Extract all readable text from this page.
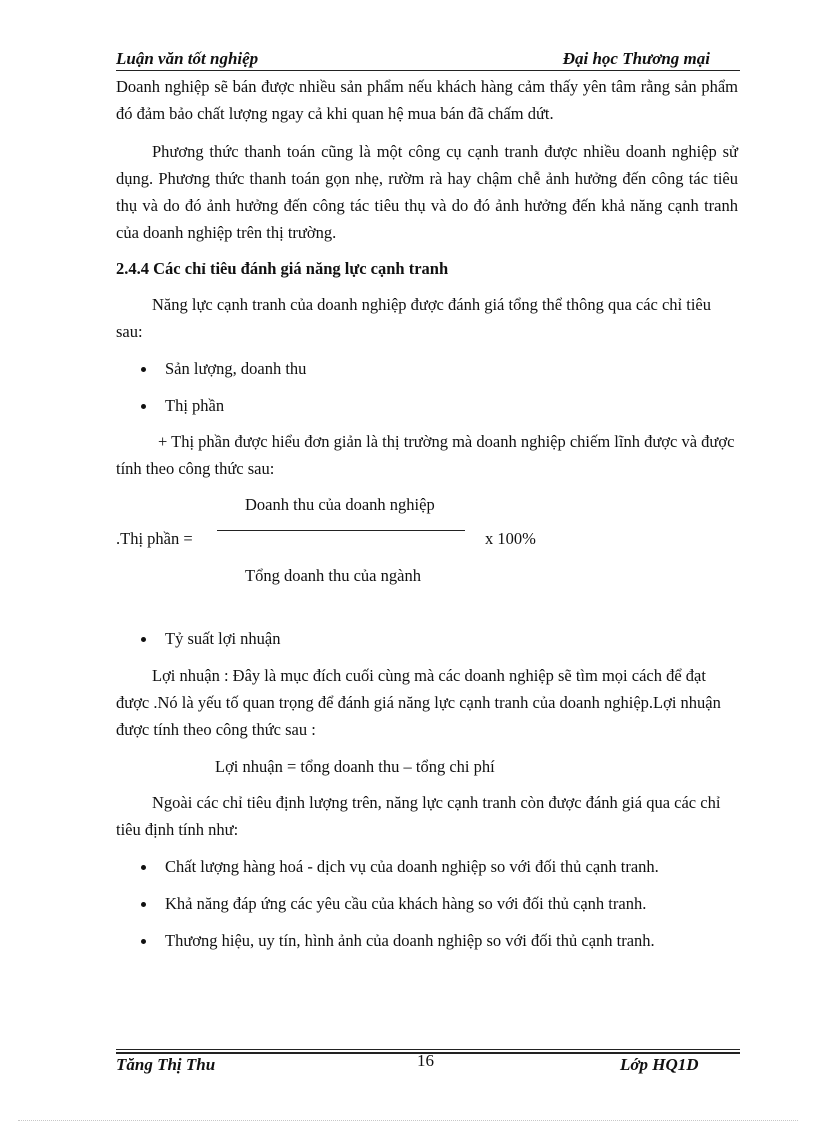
Luận văn tốt nghiệp	Đại học Thương mại

Doanh nghiệp sẽ bán được nhiều sản phẩm nếu khách hàng cảm thấy yên tâm rằng sản phẩm đó đảm bảo chất lượng ngay cả khi quan hệ mua bán đã chấm dứt.

Phương thức thanh toán cũng là một công cụ cạnh tranh được nhiều doanh nghiệp sử dụng. Phương thức thanh toán gọn nhẹ, rườm rà hay chậm chễ ảnh hưởng đến công tác tiêu thụ và do đó ảnh hưởng đến công tác tiêu thụ và do đó ảnh hưởng đến khả năng cạnh tranh của doanh nghiệp trên thị trường.

2.4.4 Các chỉ tiêu đánh giá năng lực cạnh tranh

Năng lực cạnh tranh của doanh nghiệp được đánh giá tổng thể thông qua các chỉ tiêu sau:

Sản lượng, doanh thu
Thị phần

+ Thị phần được hiểu đơn giản là thị trường mà doanh nghiệp chiếm lĩnh được và được tính theo công thức sau:

Doanh thu của doanh nghiệp
.Thị phần =	x 100%
Tổng doanh thu của ngành
Tỷ suất lợi nhuận

Lợi nhuận : Đây là mục đích cuối cùng mà các doanh nghiệp sẽ tìm mọi cách để đạt được .Nó là yếu tố quan trọng để đánh giá năng lực cạnh tranh của doanh nghiệp.Lợi nhuận được tính theo công thức sau :

Lợi nhuận = tổng doanh thu – tổng chi phí

Ngoài các chỉ tiêu định lượng trên, năng lực cạnh tranh còn được đánh giá qua các chỉ tiêu định tính như:

Chất lượng hàng hoá - dịch vụ của doanh nghiệp so với đối thủ cạnh tranh.
Khả năng đáp ứng các yêu cầu của khách hàng so với đối thủ cạnh tranh.
Thương hiệu, uy tín, hình ảnh của doanh nghiệp so với đối thủ cạnh tranh.
Tăng Thị Thu	16	Lớp HQ1D
